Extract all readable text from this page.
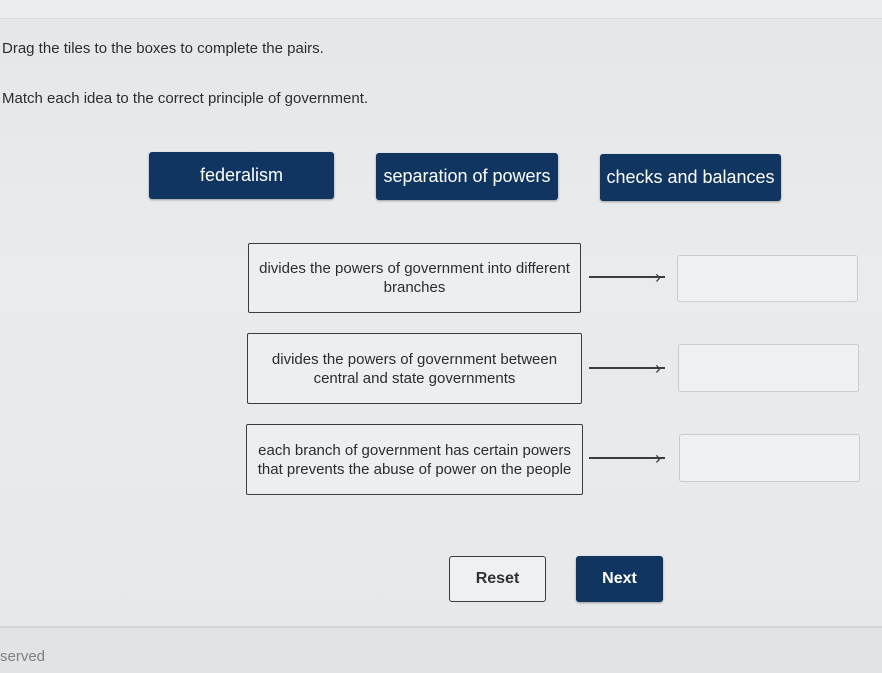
Drag the tiles to the boxes to complete the pairs.
Match each idea to the correct principle of government.
federalism	separation of powers	checks and balances
divides the powers of government into different branches
›
divides the powers of government between central and state governments	›
each branch of government has certain powers that prevents the abuse of power on the people
›
Reset	Next
served
